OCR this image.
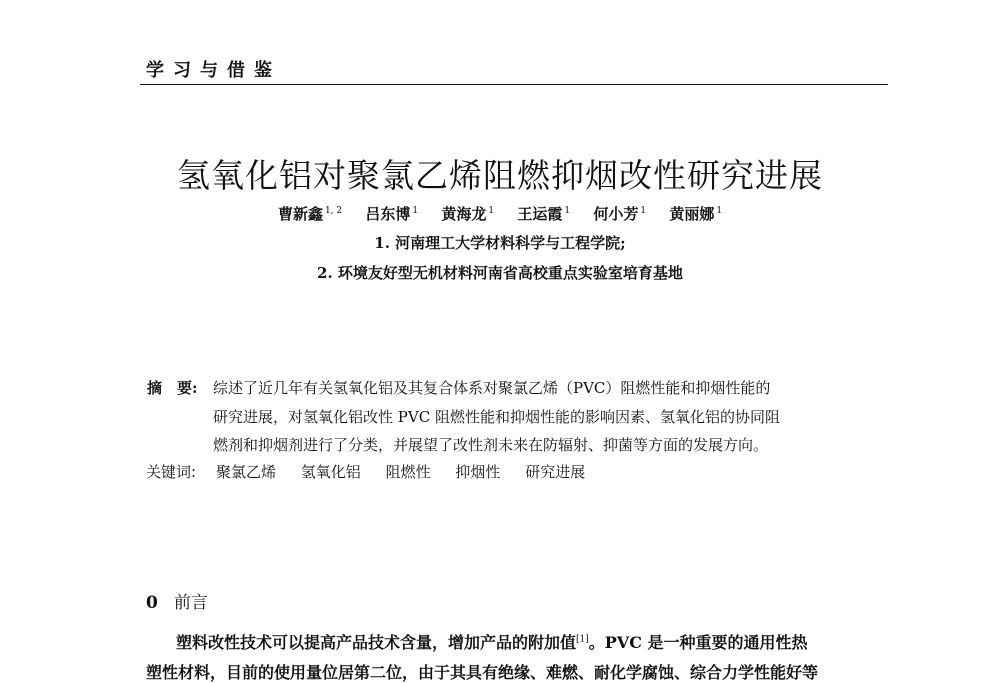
学习与借鉴
氢氧化铝对聚氯乙烯阻燃抑烟改性研究进展
曹新鑫 $^{1, 2}$ 吕东博 $^1$ 黄海龙 $^1$ 王运霞 $^1$ 何小芳 $^1$ 黄丽娜 $^1$
1. 河南理工大学材料科学与工程学院;
2. 环境友好型无机材料河南省高校重点实验室培育基地
摘　要: 综述了近几年有关氢氧化铝及其复合体系对聚氯乙烯（PVC）阻燃性能和抑烟性能的
研究进展，对氢氧化铝改性 PVC 阻燃性能和抑烟性能的影响因素、氢氧化铝的协同阻
燃剂和抑烟剂进行了分类，并展望了改性剂未来在防辐射、抑菌等方面的发展方向。
关键词: 聚氯乙烯 氢氧化铝 阻燃性 抑烟性 研究进展
0 前言
塑料改性技术可以提高产品技术含量，增加产品的附加值[1]。PVC 是一种重要的通用性热
塑性材料，目前的使用量位居第二位，由于其具有绝缘、难燃、耐化学腐蚀、综合力学性能好等
